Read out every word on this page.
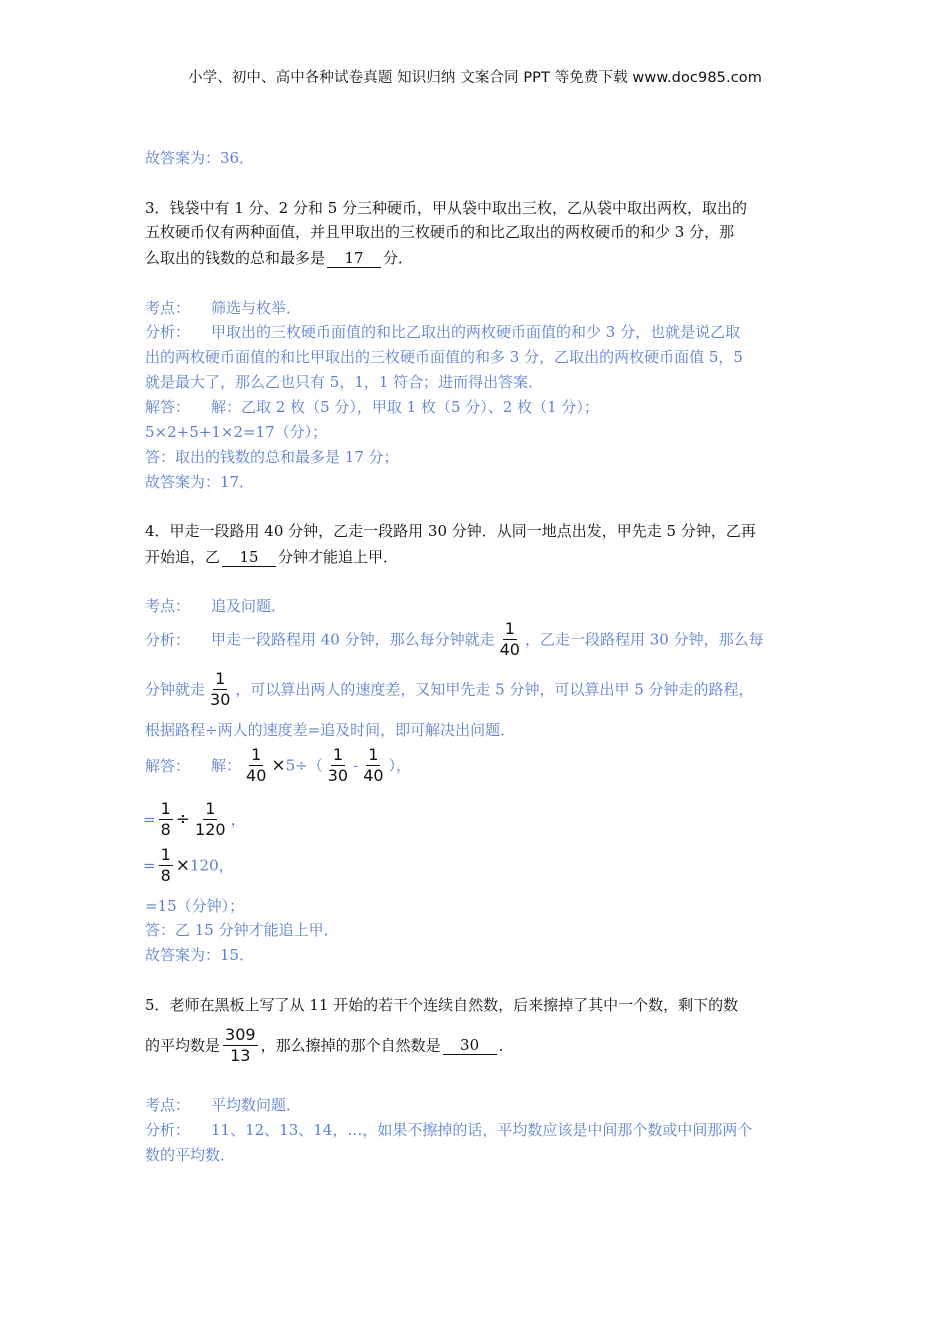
小学、初中、高中各种试卷真题 知识归纳 文案合同 PPT 等免费下载 www.doc985.com
故答案为：36．
3．钱袋中有 1 分、2 分和 5 分三种硬币，甲从袋中取出三枚，乙从袋中取出两枚，取出的
五枚硬币仅有两种面值，并且甲取出的三枚硬币的和比乙取出的两枚硬币的和少 3 分，那
么取出的钱数的总和最多是 17 分．
考点： 筛选与枚举．
分析： 甲取出的三枚硬币面值的和比乙取出的两枚硬币面值的和少 3 分，也就是说乙取
出的两枚硬币面值的和比甲取出的三枚硬币面值的和多 3 分，乙取出的两枚硬币面值 5，5
就是最大了，那么乙也只有 5，1，1 符合；进而得出答案．
解答： 解：乙取 2 枚（5 分），甲取 1 枚（5 分）、2 枚（1 分）；
5×2+5+1×2=17（分）；
答：取出的钱数的总和最多是 17 分；
故答案为：17．
4．甲走一段路用 40 分钟，乙走一段路用 30 分钟．从同一地点出发，甲先走 5 分钟，乙再
开始追，乙 15 分钟才能追上甲．
考点： 追及问题．
分析： 甲走一段路程用 40 分钟，那么每分钟就走 $\frac{1}{40}$ ，乙走一段路程用 30 分钟，那么每
分钟就走 $\frac{1}{30}$ ，可以算出两人的速度差，又知甲先走 5 分钟，可以算出甲 5 分钟走的路程，
根据路程÷两人的速度差=追及时间，即可解决出问题．
解答： 解： $\frac{1}{40} \times 5\div( \frac{1}{30} - \frac{1}{40}$ ），
= $\frac{1}{8} \div \frac{1}{120}$ ，
= $\frac{1}{8} \times 120$，
=15（分钟）；
答：乙 15 分钟才能追上甲．
故答案为：15．
5．老师在黑板上写了从 11 开始的若干个连续自然数，后来擦掉了其中一个数，剩下的数
的平均数是 $\frac{309}{13}$ ，那么擦掉的那个自然数是 30 ．
考点： 平均数问题．
分析： 11、12、13、14，…，如果不擦掉的话，平均数应该是中间那个数或中间那两个
数的平均数．
